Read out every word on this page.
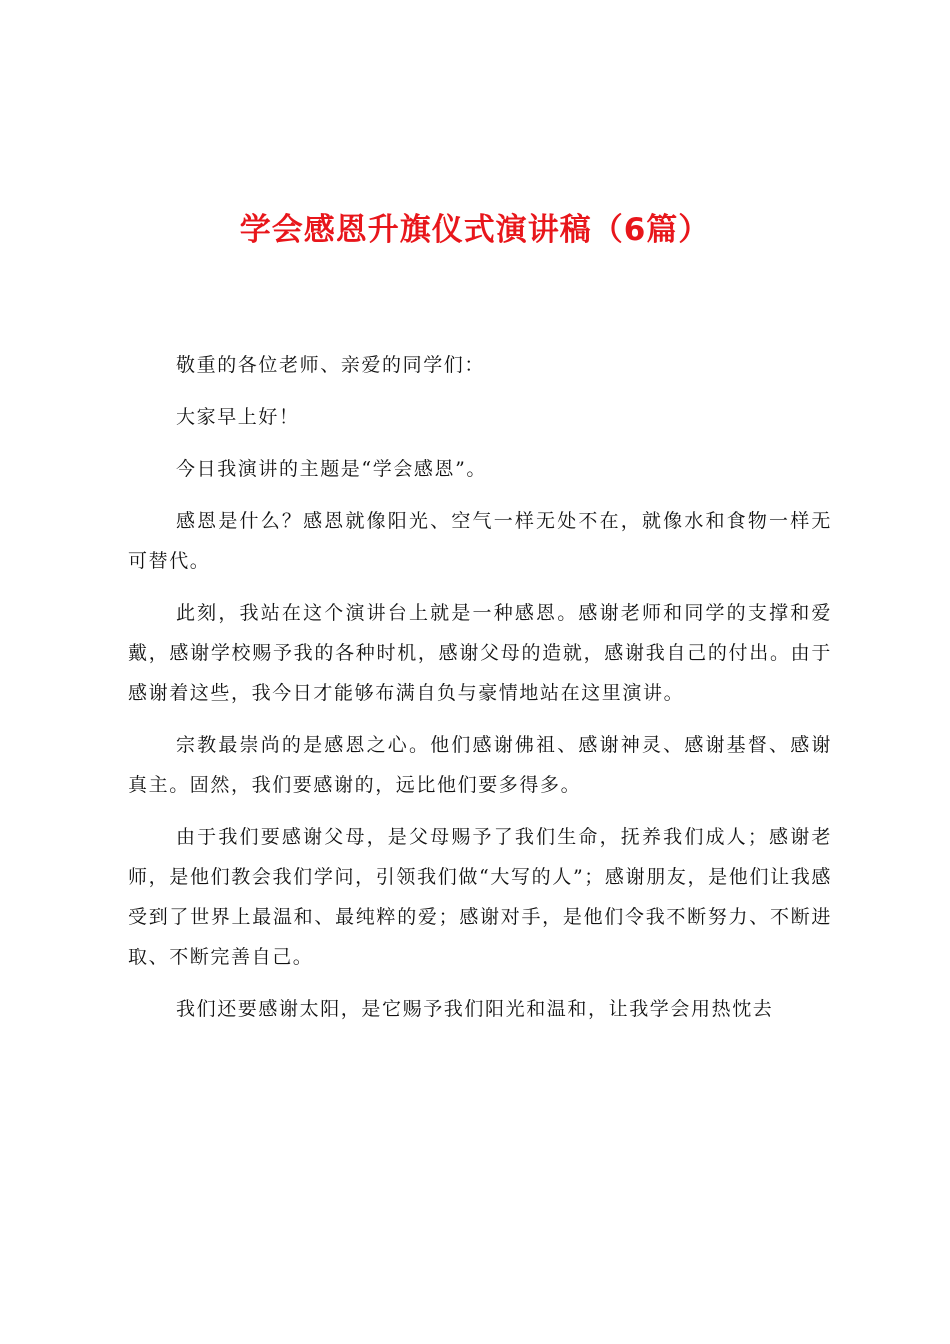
学会感恩升旗仪式演讲稿（6篇）

敬重的各位老师、亲爱的同学们：

大家早上好！

今日我演讲的主题是“学会感恩”。

感恩是什么？感恩就像阳光、空气一样无处不在，就像水和食物一样无可替代。

此刻，我站在这个演讲台上就是一种感恩。感谢老师和同学的支撑和爱戴，感谢学校赐予我的各种时机，感谢父母的造就，感谢我自己的付出。由于感谢着这些，我今日才能够布满自负与豪情地站在这里演讲。

宗教最崇尚的是感恩之心。他们感谢佛祖、感谢神灵、感谢基督、感谢真主。固然，我们要感谢的，远比他们要多得多。

由于我们要感谢父母，是父母赐予了我们生命，抚养我们成人；感谢老师，是他们教会我们学问，引领我们做“大写的人”；感谢朋友，是他们让我感受到了世界上最温和、最纯粹的爱；感谢对手，是他们令我不断努力、不断进取、不断完善自己。

我们还要感谢太阳，是它赐予我们阳光和温和，让我学会用热忱去
